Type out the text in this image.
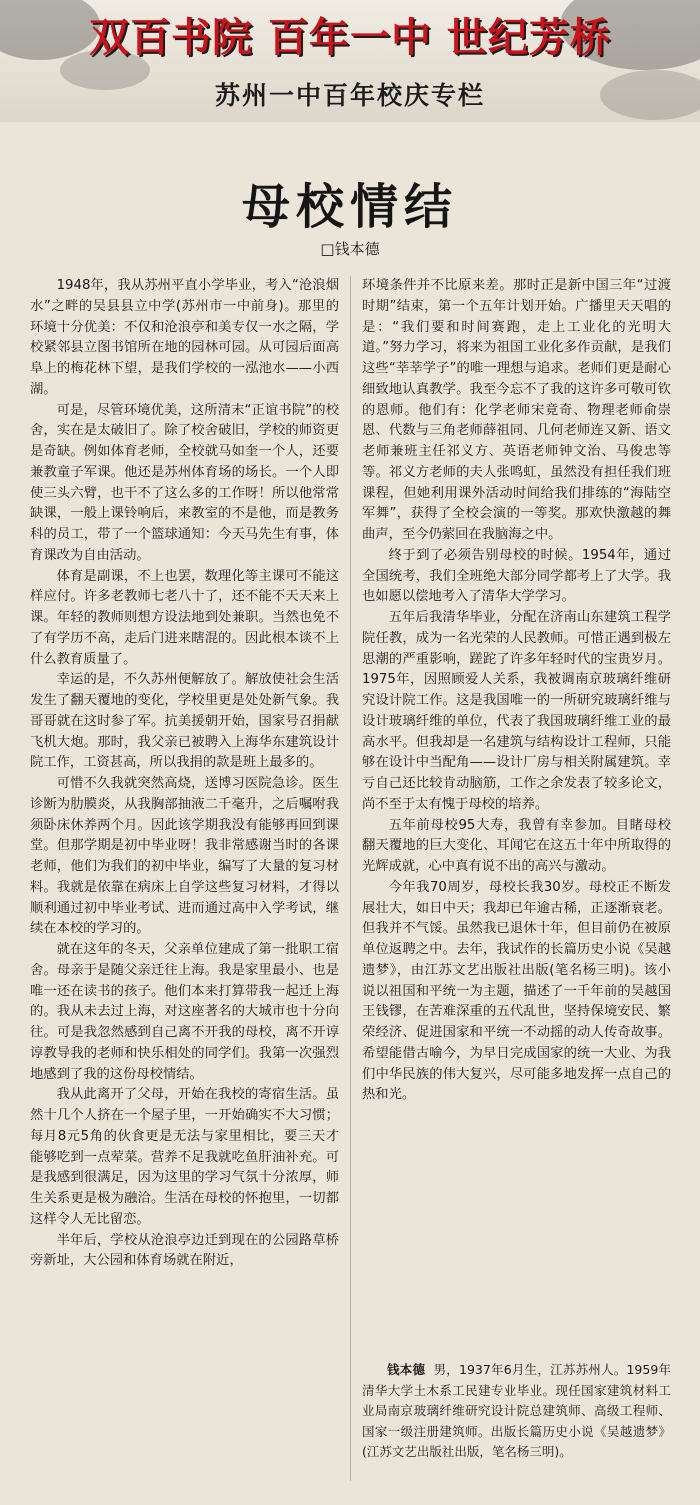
双百书院 百年一中 世纪芳桥
苏州一中百年校庆专栏
母校情结
□钱本德

1948年，我从苏州平直小学毕业，考入“沧浪烟水”之畔的吴县县立中学(苏州市一中前身)。那里的环境十分优美：不仅和沧浪亭和美专仅一水之隔，学校紧邻县立图书馆所在地的园林可园。从可园后面高阜上的梅花林下望，是我们学校的一泓池水——小西湖。

可是，尽管环境优美，这所清末“正谊书院”的校舍，实在是太破旧了。除了校舍破旧，学校的师资更是奇缺。例如体育老师，全校就马如奎一个人，还要兼教童子军课。他还是苏州体育场的场长。一个人即使三头六臂，也干不了这么多的工作呀！所以他常常缺课，一般上课铃响后，来教室的不是他，而是教务科的员工，带了一个篮球通知：今天马先生有事，体育课改为自由活动。

体育是副课，不上也罢，数理化等主课可不能这样应付。许多老教师七老八十了，还不能不天天来上课。年轻的教师则想方设法地到处兼职。当然也免不了有学历不高，走后门进来瞎混的。因此根本谈不上什么教育质量了。

幸运的是，不久苏州便解放了。解放使社会生活发生了翻天覆地的变化，学校里更是处处新气象。我哥哥就在这时参了军。抗美援朝开始，国家号召捐献飞机大炮。那时，我父亲已被聘入上海华东建筑设计院工作，工资甚高，所以我捐的款是班上最多的。

可惜不久我就突然高烧，送博习医院急诊。医生诊断为肋膜炎，从我胸部抽液二千毫升，之后嘱咐我须卧床休养两个月。因此该学期我没有能够再回到课堂。但那学期是初中毕业呀！我非常感谢当时的各课老师，他们为我们的初中毕业，编写了大量的复习材料。我就是依靠在病床上自学这些复习材料，才得以顺利通过初中毕业考试、进而通过高中入学考试，继续在本校的学习的。

就在这年的冬天，父亲单位建成了第一批职工宿舍。母亲于是随父亲迁往上海。我是家里最小、也是唯一还在读书的孩子。他们本来打算带我一起迁上海的。我从未去过上海，对这座著名的大城市也十分向往。可是我忽然感到自己离不开我的母校，离不开谆谆教导我的老师和快乐相处的同学们。我第一次强烈地感到了我的这份母校情结。

我从此离开了父母，开始在我校的寄宿生活。虽然十几个人挤在一个屋子里，一开始确实不大习惯；每月8元5角的伙食更是无法与家里相比，要三天才能够吃到一点荤菜。营养不足我就吃鱼肝油补充。可是我感到很满足，因为这里的学习气氛十分浓厚，师生关系更是极为融洽。生活在母校的怀抱里，一切都这样令人无比留恋。

半年后，学校从沧浪亭边迁到现在的公园路草桥旁新址，大公园和体育场就在附近，

环境条件并不比原来差。那时正是新中国三年“过渡时期”结束，第一个五年计划开始。广播里天天唱的是：“我们要和时间赛跑，走上工业化的光明大道。”努力学习，将来为祖国工业化多作贡献，是我们这些“莘莘学子”的唯一理想与追求。老师们更是耐心细致地认真教学。我至今忘不了我的这许多可敬可钦的恩师。他们有：化学老师宋竟奇、物理老师俞崇恩、代数与三角老师薛祖同、几何老师连又新、语文老师兼班主任祁义方、英语老师钟文治、马俊忠等等。祁义方老师的夫人张鸣虹，虽然没有担任我们班课程，但她利用课外活动时间给我们排练的“海陆空军舞”，获得了全校会演的一等奖。那欢快激越的舞曲声，至今仍萦回在我脑海之中。

终于到了必须告别母校的时候。1954年，通过全国统考，我们全班绝大部分同学都考上了大学。我也如愿以偿地考入了清华大学学习。

五年后我清华毕业，分配在济南山东建筑工程学院任教，成为一名光荣的人民教师。可惜正遇到极左思潮的严重影响，蹉跎了许多年轻时代的宝贵岁月。1975年，因照顾爱人关系，我被调南京玻璃纤维研究设计院工作。这是我国唯一的一所研究玻璃纤维与设计玻璃纤维的单位，代表了我国玻璃纤维工业的最高水平。但我却是一名建筑与结构设计工程师，只能够在设计中当配角——设计厂房与相关附属建筑。幸亏自己还比较肯动脑筋，工作之余发表了较多论文，尚不至于太有愧于母校的培养。

五年前母校95大寿，我曾有幸参加。目睹母校翻天覆地的巨大变化、耳闻它在这五十年中所取得的光辉成就，心中真有说不出的高兴与激动。

今年我70周岁，母校长我30岁。母校正不断发展壮大，如日中天；我却已年逾古稀，正逐渐衰老。但我并不气馁。虽然我已退休十年，但目前仍在被原单位返聘之中。去年，我试作的长篇历史小说《吴越遗梦》，由江苏文艺出版社出版(笔名杨三明)。该小说以祖国和平统一为主题，描述了一千年前的吴越国王钱镠，在苦难深重的五代乱世，坚持保境安民、繁荣经济、促进国家和平统一不动摇的动人传奇故事。希望能借古喻今，为早日完成国家的统一大业、为我们中华民族的伟大复兴，尽可能多地发挥一点自己的热和光。

钱本德 男，1937年6月生，江苏苏州人。1959年清华大学土木系工民建专业毕业。现任国家建筑材料工业局南京玻璃纤维研究设计院总建筑师、高级工程师、国家一级注册建筑师。出版长篇历史小说《吴越遗梦》(江苏文艺出版社出版，笔名杨三明)。
